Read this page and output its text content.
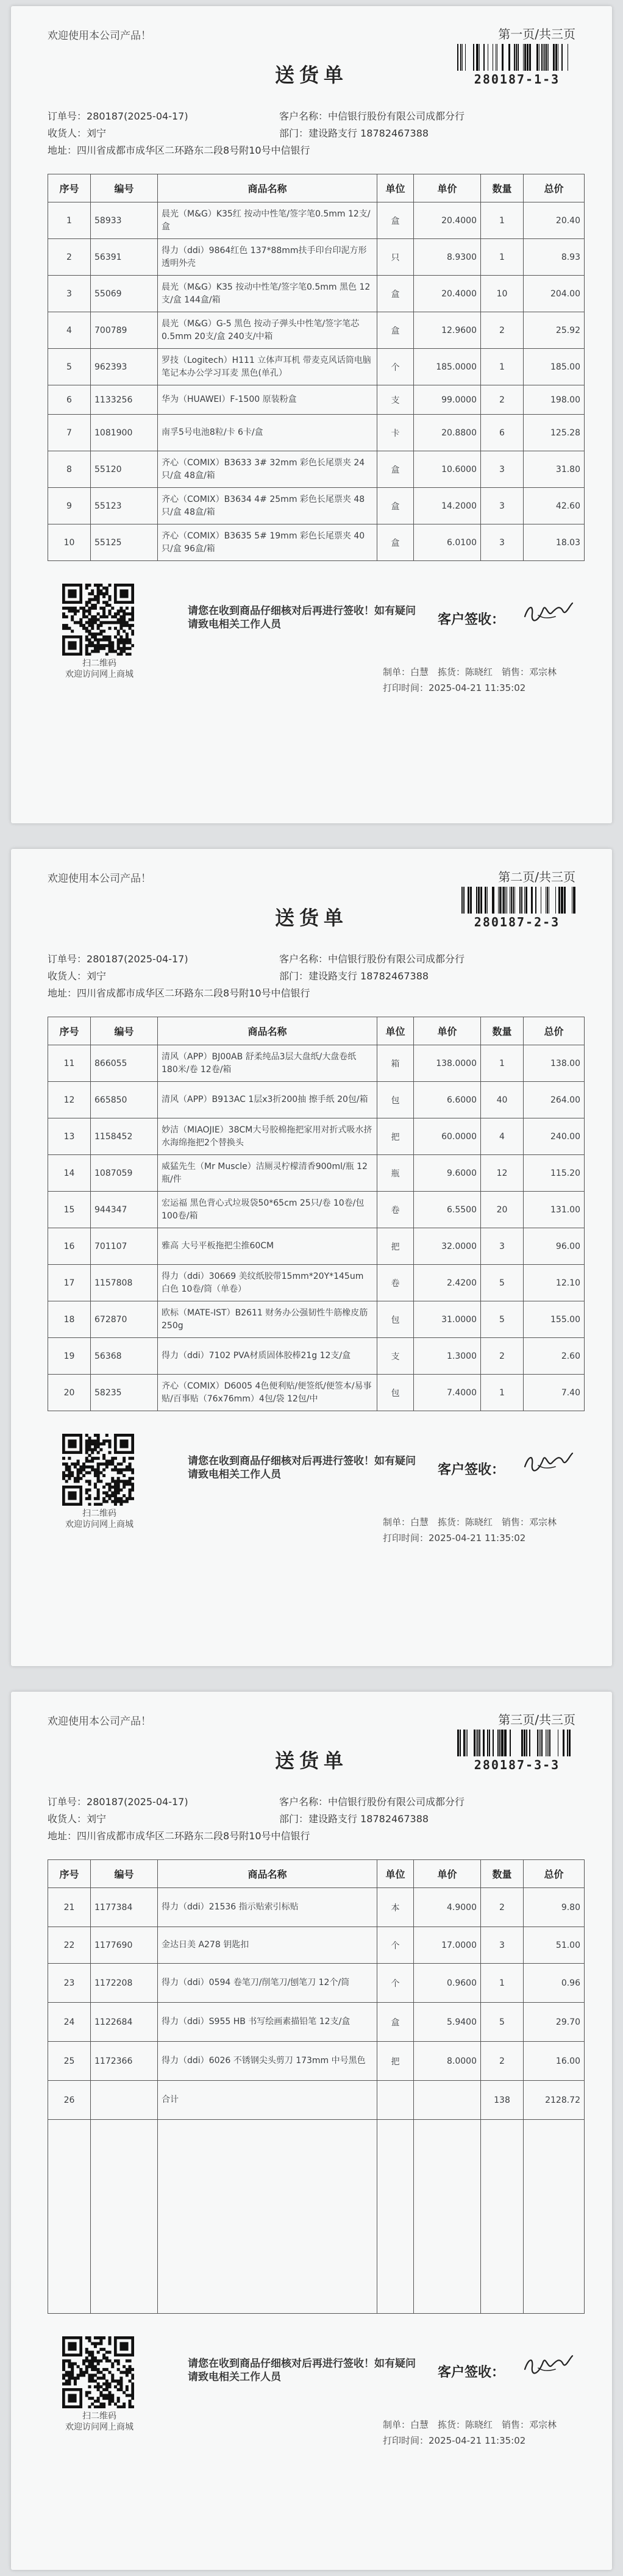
欢迎使用本公司产品！	第一页/共三页
280187-1-3
送货单
订单号：280187(2025-04-17)	客户名称：中信银行股份有限公司成都分行
收货人：刘宁	部门：建设路支行 18782467388
地址：四川省成都市成华区二环路东二段8号附10号中信银行
序号	编号	商品名称	单位	单价	数量	总价
1	58933	晨光（M&G）K35红 按动中性笔/签字笔0.5mm 12支/盒	盒	20.4000	1	20.40
2	56391	得力（ddi）9864红色 137*88mm扶手印台印泥方形透明外壳	只	8.9300	1	8.93
3	55069	晨光（M&G）K35 按动中性笔/签字笔0.5mm 黑色 12支/盒 144盒/箱	盒	20.4000	10	204.00
4	700789	晨光（M&G）G-5 黑色 按动子弹头中性笔/签字笔芯0.5mm 20支/盒 240支/中箱	盒	12.9600	2	25.92
5	962393	罗技（Logitech）H111 立体声耳机 带麦克风话筒电脑笔记本办公学习耳麦 黑色(单孔）	个	185.0000	1	185.00
6	1133256	华为（HUAWEI）F-1500 原装粉盒	支	99.0000	2	198.00
7	1081900	南孚5号电池8粒/卡 6卡/盒	卡	20.8800	6	125.28
8	55120	齐心（COMIX）B3633 3# 32mm 彩色长尾票夹 24只/盒 48盒/箱	盒	10.6000	3	31.80
9	55123	齐心（COMIX）B3634 4# 25mm 彩色长尾票夹 48只/盒 48盒/箱	盒	14.2000	3	42.60
10	55125	齐心（COMIX）B3635 5# 19mm 彩色长尾票夹 40只/盒 96盒/箱	盒	6.0100	3	18.03
扫二维码
欢迎访问网上商城
请您在收到商品仔细核对后再进行签收！如有疑问请致电相关工作人员	客户签收：
制单：白慧　拣货：陈晓红　销售：邓宗林
打印时间：2025-04-21 11:35:02
欢迎使用本公司产品！	第二页/共三页
280187-2-3
送货单
订单号：280187(2025-04-17)	客户名称：中信银行股份有限公司成都分行
收货人：刘宁	部门：建设路支行 18782467388
地址：四川省成都市成华区二环路东二段8号附10号中信银行
序号	编号	商品名称	单位	单价	数量	总价
11	866055	清风（APP）BJ00AB 舒柔纯品3层大盘纸/大盘卷纸 180米/卷 12卷/箱	箱	138.0000	1	138.00
12	665850	清风（APP）B913AC 1层x3折200抽 擦手纸 20包/箱	包	6.6000	40	264.00
13	1158452	妙洁（MIAOJIE）38CM大号胶棉拖把家用对折式吸水挤水海绵拖把2个替换头	把	60.0000	4	240.00
14	1087059	威猛先生（Mr Muscle）洁厕灵柠檬清香900ml/瓶 12瓶/件	瓶	9.6000	12	115.20
15	944347	宏运福 黑色背心式垃圾袋50*65cm 25只/卷 10卷/包 100卷/箱	卷	6.5500	20	131.00
16	701107	雅高 大号平板拖把尘推60CM	把	32.0000	3	96.00
17	1157808	得力（ddi）30669 美纹纸胶带15mm*20Y*145um 白色 10卷/筒（单卷）	卷	2.4200	5	12.10
18	672870	欧标（MATE-IST）B2611 财务办公强韧性牛筋橡皮筋 250g	包	31.0000	5	155.00
19	56368	得力（ddi）7102 PVA材质固体胶棒21g 12支/盒	支	1.3000	2	2.60
20	58235	齐心（COMIX）D6005 4色便利贴/便签纸/便签本/易事贴/百事贴（76x76mm）4包/袋 12包/中	包	7.4000	1	7.40
扫二维码
欢迎访问网上商城
请您在收到商品仔细核对后再进行签收！如有疑问请致电相关工作人员	客户签收：
制单：白慧　拣货：陈晓红　销售：邓宗林
打印时间：2025-04-21 11:35:02
欢迎使用本公司产品！	第三页/共三页
280187-3-3
送货单
订单号：280187(2025-04-17)	客户名称：中信银行股份有限公司成都分行
收货人：刘宁	部门：建设路支行 18782467388
地址：四川省成都市成华区二环路东二段8号附10号中信银行
序号	编号	商品名称	单位	单价	数量	总价
21	1177384	得力（ddi）21536 指示贴索引标贴	本	4.9000	2	9.80
22	1177690	金达日美 A278 钥匙扣	个	17.0000	3	51.00
23	1172208	得力（ddi）0594 卷笔刀/削笔刀/刨笔刀 12个/筒	个	0.9600	1	0.96
24	1122684	得力（ddi）S955 HB 书写绘画素描铅笔 12支/盒	盒	5.9400	5	29.70
25	1172366	得力（ddi）6026 不锈钢尖头剪刀 173mm 中号黑色	把	8.0000	2	16.00
26		合计			138	2128.72

扫二维码
欢迎访问网上商城
请您在收到商品仔细核对后再进行签收！如有疑问请致电相关工作人员	客户签收：
制单：白慧　拣货：陈晓红　销售：邓宗林
打印时间：2025-04-21 11:35:02
